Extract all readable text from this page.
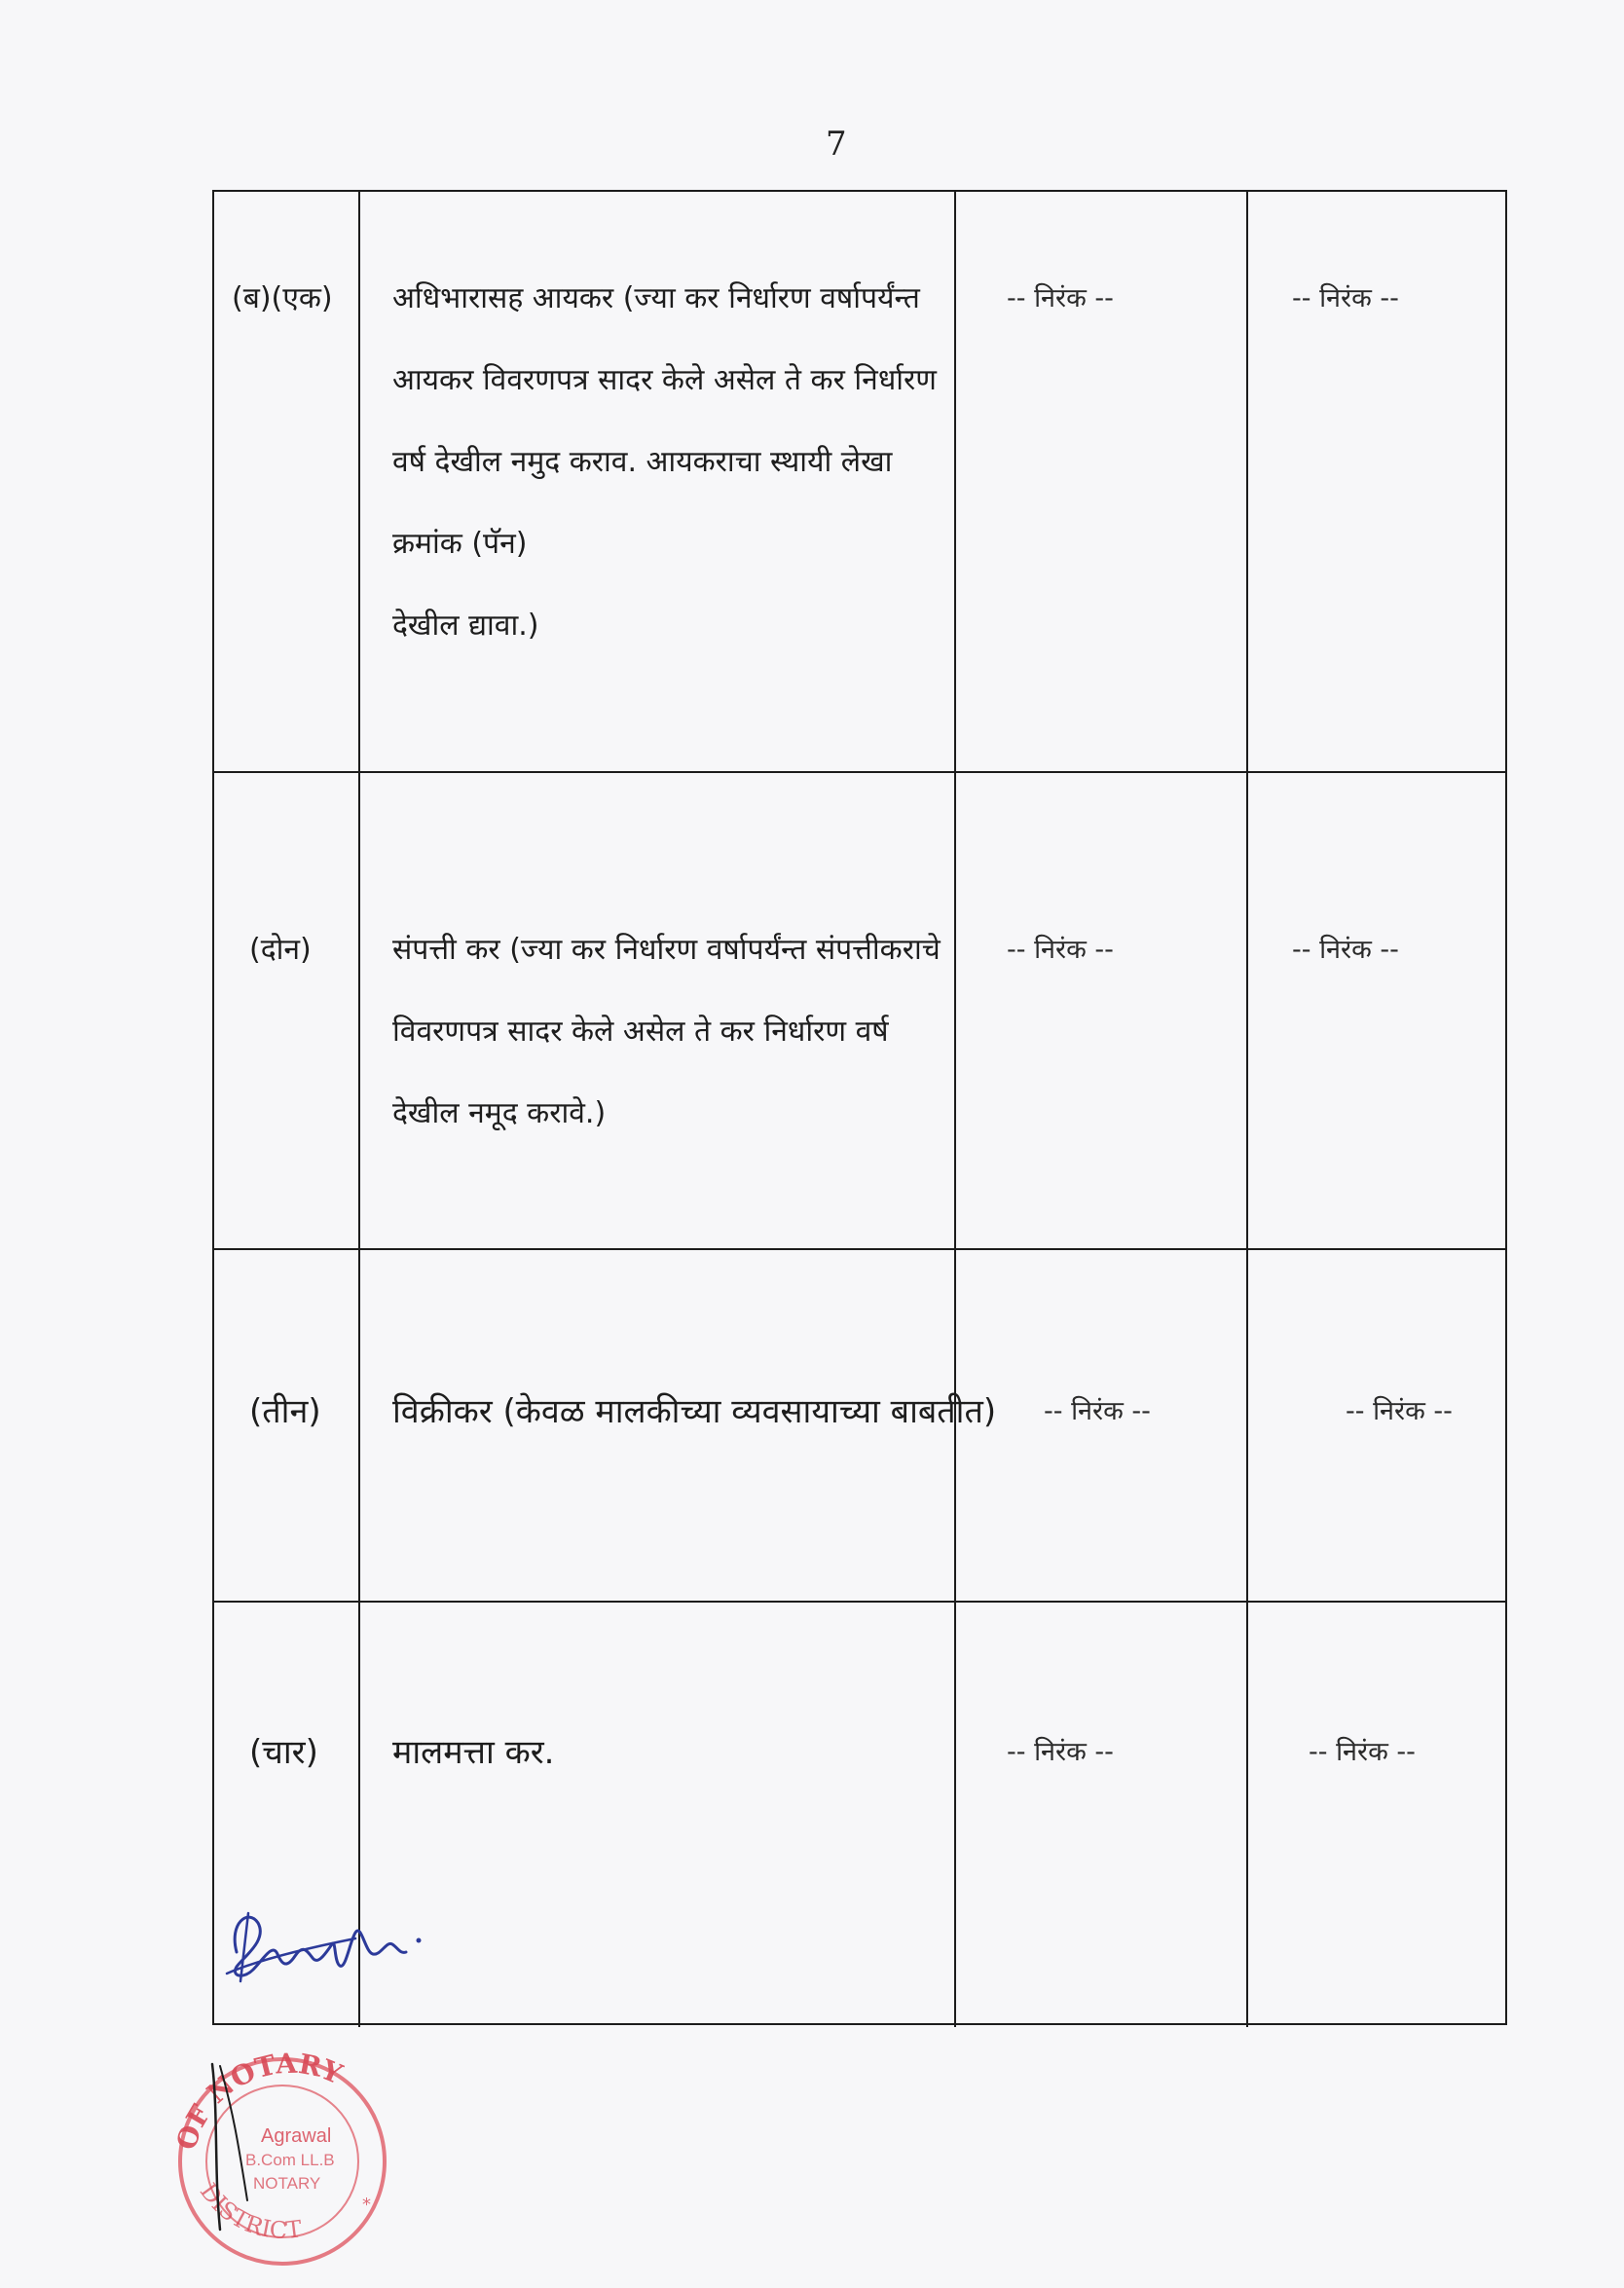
7
(ब)(एक) अधिभारासह आयकर (ज्या कर निर्धारण वर्षापर्यंन्त
आयकर विवरणपत्र सादर केले असेल ते कर निर्धारण
वर्ष देखील नमुद कराव. आयकराचा स्थायी लेखा
क्रमांक (पॅन)
देखील द्यावा.)
-- निरंक --	-- निरंक --
(दोन)	संपत्ती कर (ज्या कर निर्धारण वर्षापर्यंन्त संपत्तीकराचे
विवरणपत्र सादर केले असेल ते कर निर्धारण वर्ष
देखील नमूद करावे.)
-- निरंक --	-- निरंक --
(तीन) विक्रीकर (केवळ मालकीच्या व्यवसायाच्या बाबतीत) -- निरंक --	-- निरंक --
(चार) मालमत्ता कर.	-- निरंक --	-- निरंक --
OF NOTARY
DISTRICT
Agrawal
B.Com LL.B
NOTARY
*
